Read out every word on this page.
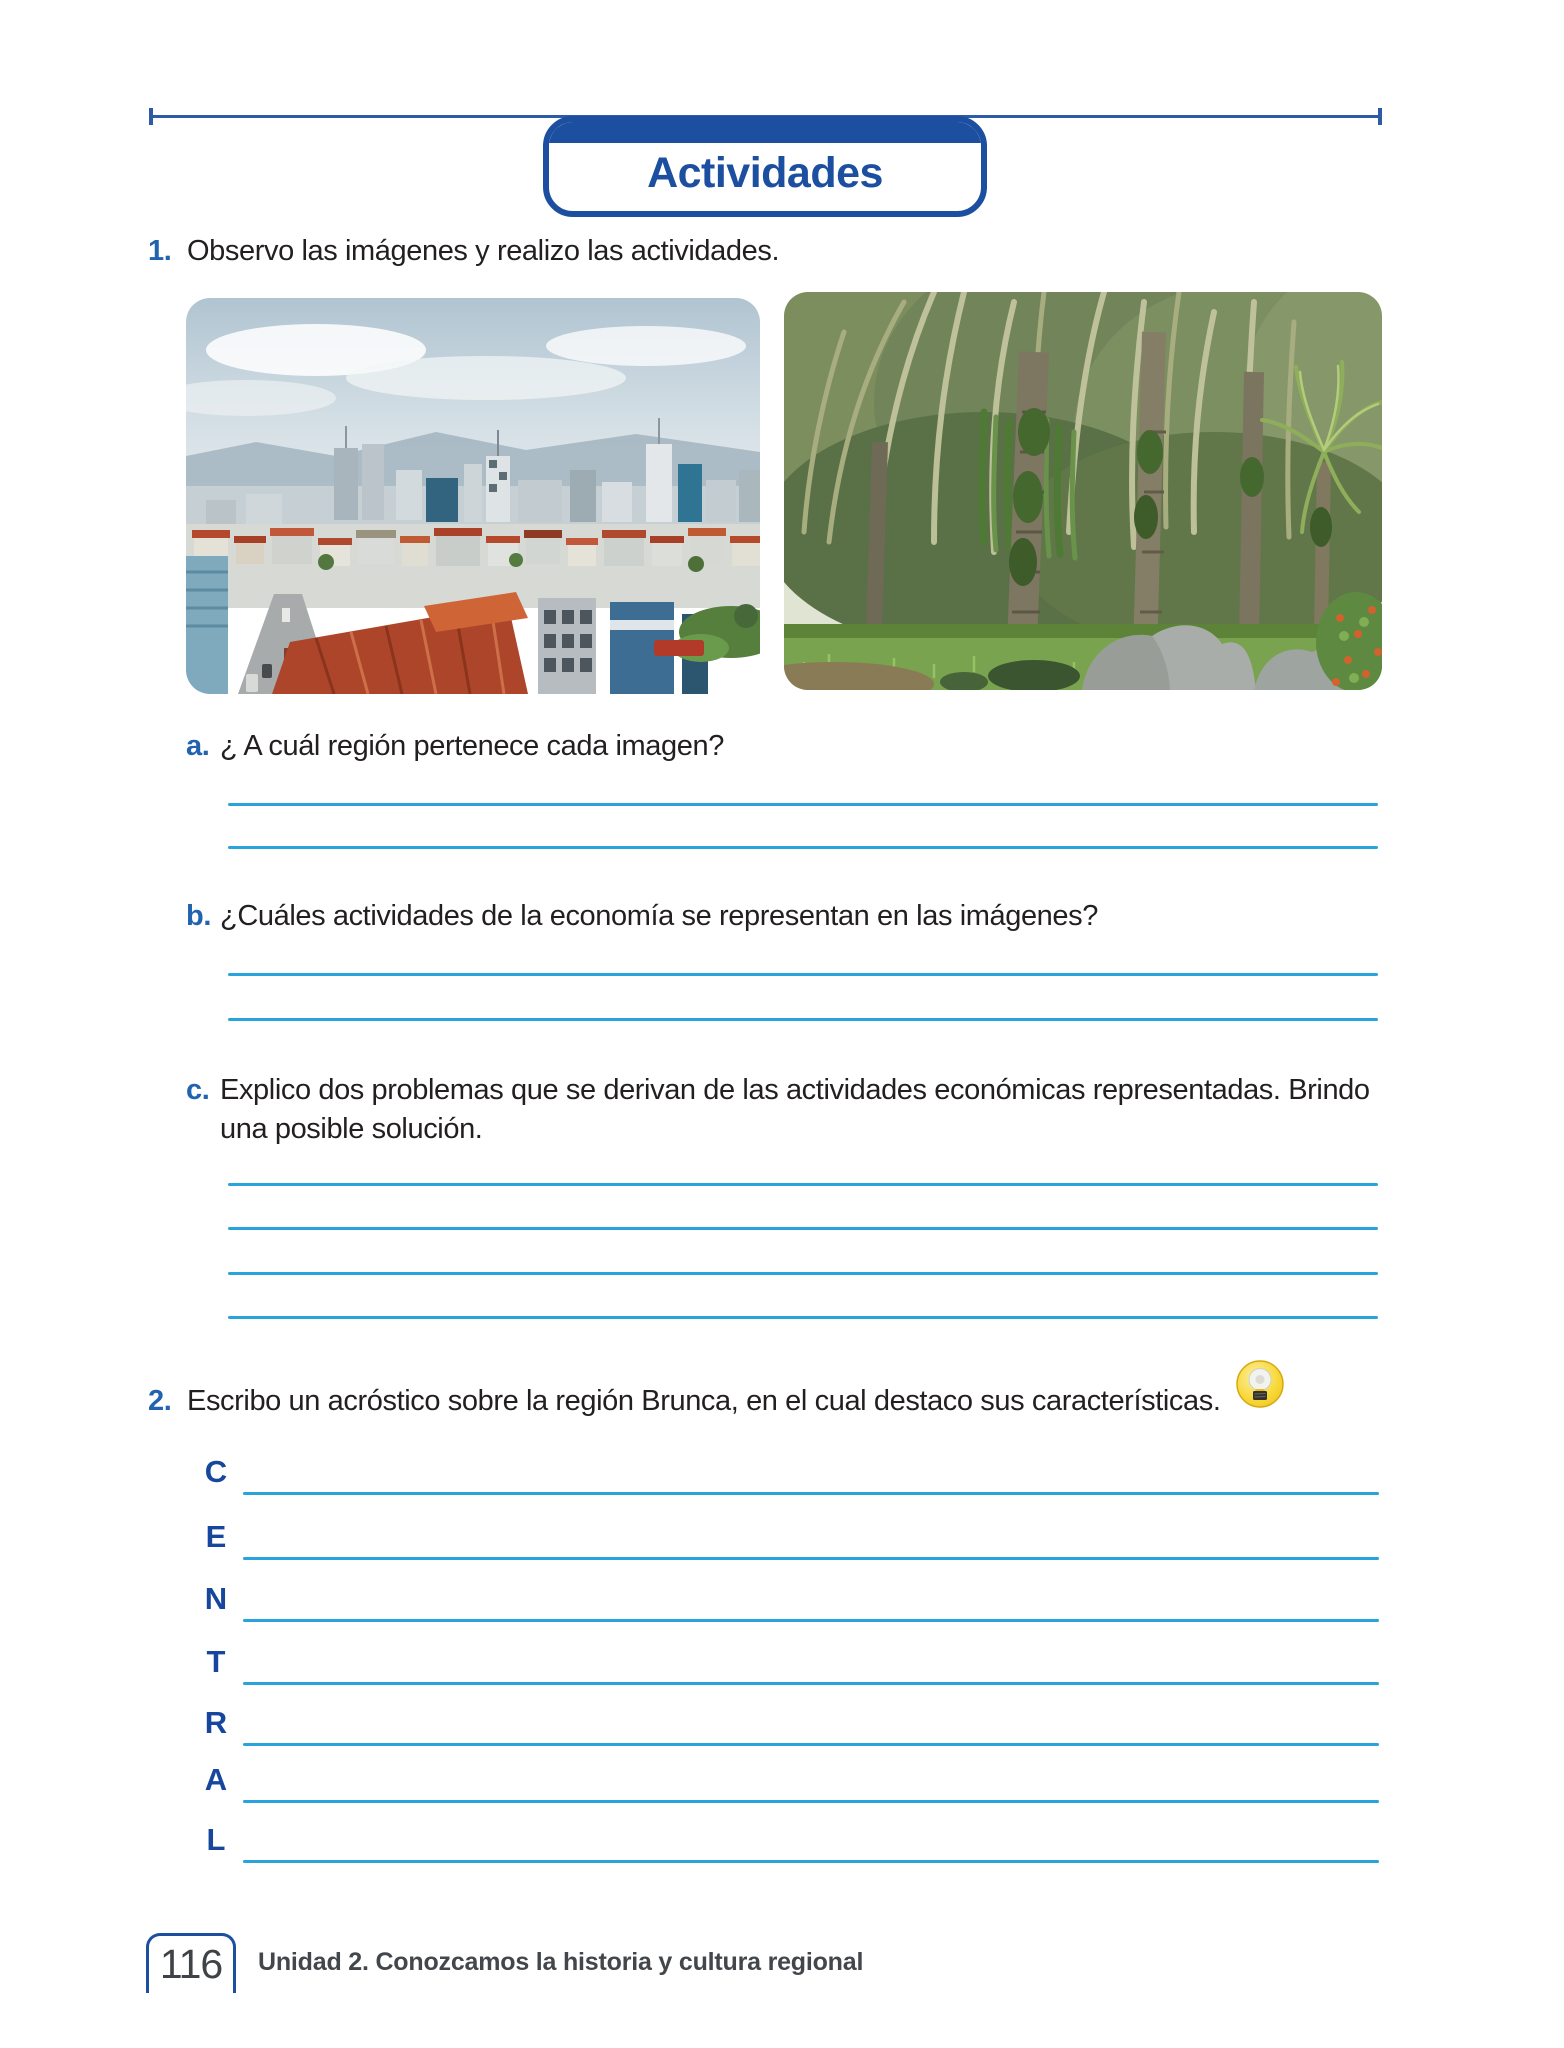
Actividades
1. Observo las imágenes y realizo las actividades.
a. ¿ A cuál región pertenece cada imagen?
b. ¿Cuáles actividades de la economía se representan en las imágenes?
c. Explico dos problemas que se derivan de las actividades económicas representadas. Brindo una posible solución.
2. Escribo un acróstico sobre la región Brunca, en el cual destaco sus características.
C
E
N
T
R
A
L
116 Unidad 2. Conozcamos la historia y cultura regional
